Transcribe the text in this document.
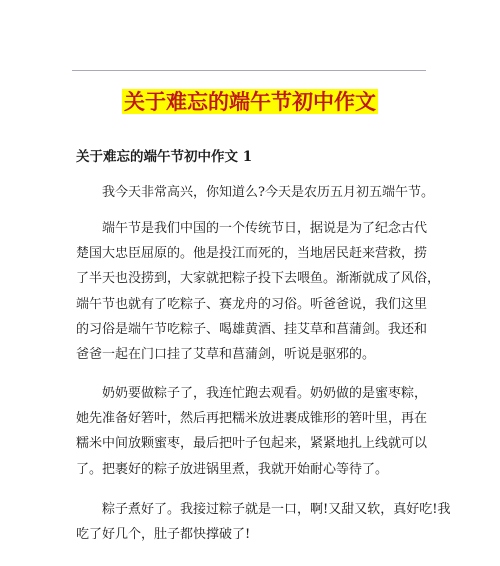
关于难忘的端午节初中作文
关于难忘的端午节初中作文 1
我今天非常高兴，你知道么?今天是农历五月初五端午节。
端午节是我们中国的一个传统节日，据说是为了纪念古代
楚国大忠臣屈原的。他是投江而死的，当地居民赶来营救，捞
了半天也没捞到，大家就把粽子投下去喂鱼。渐渐就成了风俗，
端午节也就有了吃粽子、赛龙舟的习俗。听爸爸说，我们这里
的习俗是端午节吃粽子、喝雄黄酒、挂艾草和菖蒲剑。我还和
爸爸一起在门口挂了艾草和菖蒲剑，听说是驱邪的。
奶奶要做粽子了，我连忙跑去观看。奶奶做的是蜜枣粽，
她先准备好箬叶，然后再把糯米放进裹成锥形的箬叶里，再在
糯米中间放颗蜜枣，最后把叶子包起来，紧紧地扎上线就可以
了。把裹好的粽子放进锅里煮，我就开始耐心等待了。
粽子煮好了。我接过粽子就是一口，啊!又甜又软，真好吃!我
吃了好几个，肚子都快撑破了!
